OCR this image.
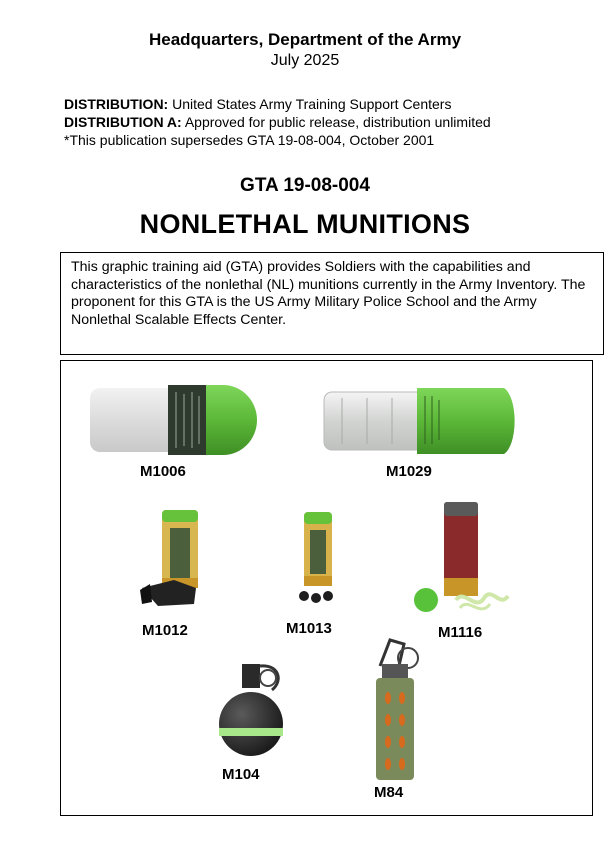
Headquarters, Department of the Army
July 2025
DISTRIBUTION: United States Army Training Support Centers
DISTRIBUTION A: Approved for public release, distribution unlimited
*This publication supersedes GTA 19-08-004, October 2001
GTA 19-08-004
NONLETHAL MUNITIONS
This graphic training aid (GTA) provides Soldiers with the capabilities and characteristics of the nonlethal (NL) munitions currently in the Army Inventory. The proponent for this GTA is the US Army Military Police School and the Army Nonlethal Scalable Effects Center.
M1006	M1029
M1012	M1013	M1116
M104
M84
